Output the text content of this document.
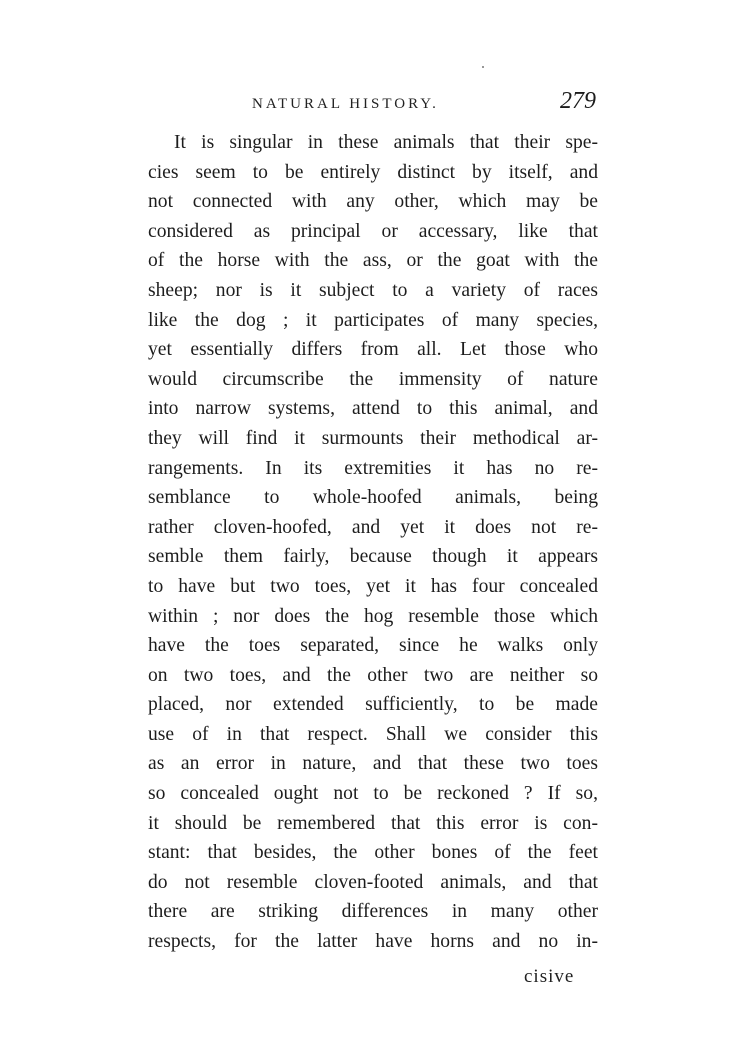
NATURAL HISTORY.	279
It is singular in these animals that their spe-
cies seem to be entirely distinct by itself, and
not connected with any other, which may be
considered as principal or accessary, like that
of the horse with the ass, or the goat with the
sheep; nor is it subject to a variety of races
like the dog ; it participates of many species,
yet essentially differs from all. Let those who
would circumscribe the immensity of nature
into narrow systems, attend to this animal, and
they will find it surmounts their methodical ar-
rangements. In its extremities it has no re-
semblance to whole-hoofed animals, being
rather cloven-hoofed, and yet it does not re-
semble them fairly, because though it appears
to have but two toes, yet it has four concealed
within ; nor does the hog resemble those which
have the toes separated, since he walks only
on two toes, and the other two are neither so
placed, nor extended sufficiently, to be made
use of in that respect. Shall we consider this
as an error in nature, and that these two toes
so concealed ought not to be reckoned ? If so,
it should be remembered that this error is con-
stant: that besides, the other bones of the feet
do not resemble cloven-footed animals, and that
there are striking differences in many other
respects, for the latter have horns and no in-
cisive
